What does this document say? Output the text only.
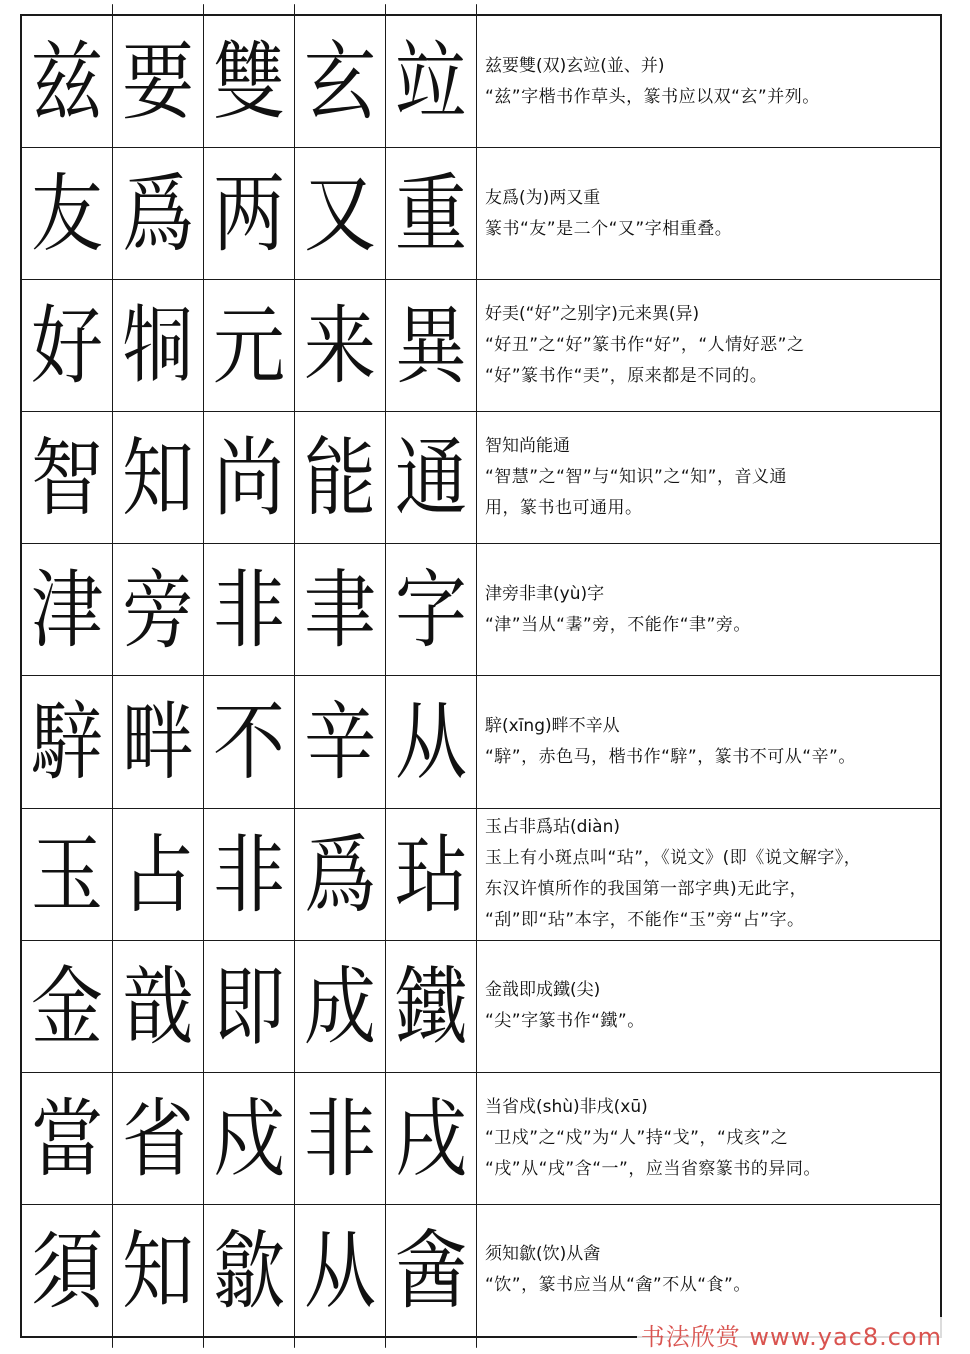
兹 要 雙 玄 竝	兹要雙(双)玄竝(並、并)
“兹”字楷书作草头，篆书应以双“玄”并列。
友 爲 两 又 重	友爲(为)两又重
篆书“友”是二个“又”字相重叠。
好 𤙓 元 来 異	好㺯(“好”之别字)元来異(异)
“好丑”之“好”篆书作“好”，“人情好恶”之
“好”篆书作“㺯”，原来都是不同的。
智 知 尚 能 通	智知尚能通
“智慧”之“智”与“知识”之“知”，音义通
用，篆书也可通用。
津 旁 非 聿 字	津旁非聿(yù)字
“津”当从“𦘠”旁，不能作“聿”旁。
騂 畔 不 辛 从	騂(xīng)畔不辛从
“騂”，赤色马，楷书作“騂”，篆书不可从“辛”。
玉 占 非 爲 玷	玉占非爲玷(diàn)
玉上有小斑点叫“玷”，《说文》(即《说文解字》，
东汉许慎所作的我国第一部字典)无此字，
“刮”即“玷”本字，不能作“玉”旁“占”字。
金 戠 即 成 鐵	金戠即成鐵(尖)
“尖”字篆书作“鐵”。
當 省 戍 非 戌	当省戍(shù)非戌(xū)
“卫戍”之“戍”为“人”持“戈”，“戌亥”之
“戌”从“戌”含“一”，应当省察篆书的异同。
須 知 歙 从 酓	须知歙(饮)从酓
“饮”，篆书应当从“酓”不从“食”。
书法欣赏 www.yac8.com
